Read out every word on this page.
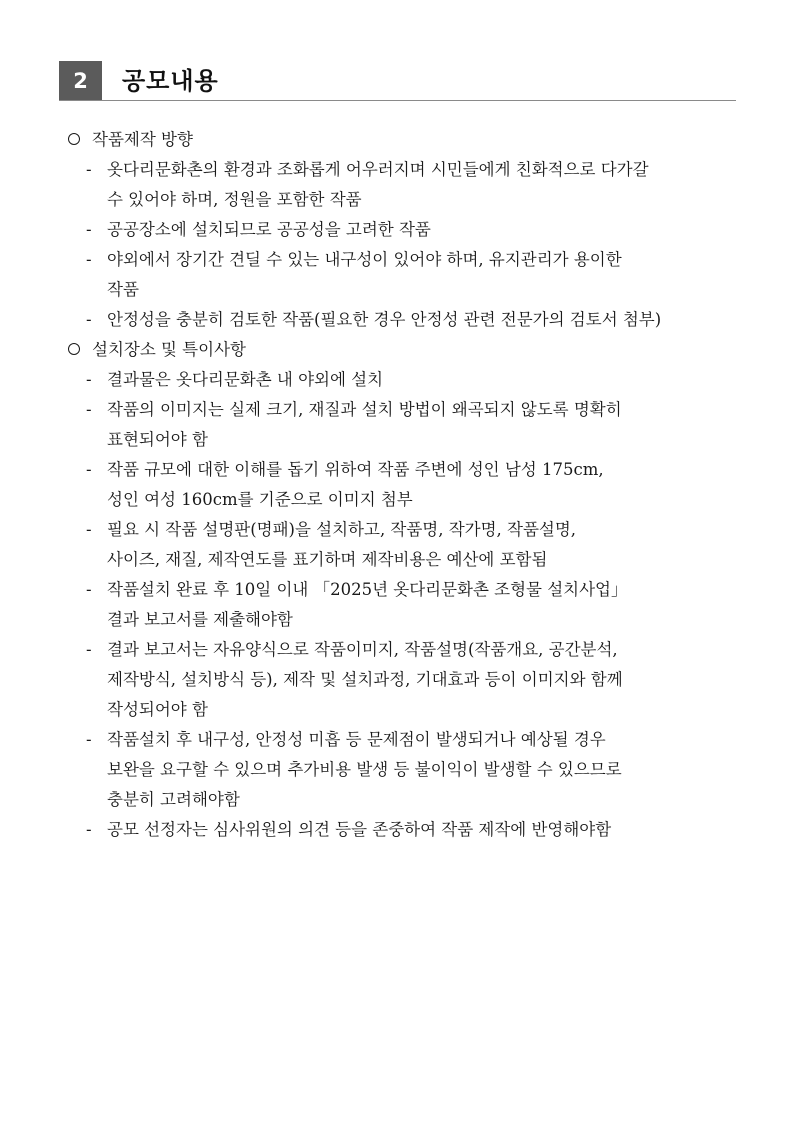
2	공모내용
작품제작 방향
- 옷다리문화촌의 환경과 조화롭게 어우러지며 시민들에게 친화적으로 다가갈
수 있어야 하며, 정원을 포함한 작품
- 공공장소에 설치되므로 공공성을 고려한 작품
- 야외에서 장기간 견딜 수 있는 내구성이 있어야 하며, 유지관리가 용이한
작품
- 안정성을 충분히 검토한 작품(필요한 경우 안정성 관련 전문가의 검토서 첨부)
설치장소 및 특이사항
- 결과물은 옷다리문화촌 내 야외에 설치
- 작품의 이미지는 실제 크기, 재질과 설치 방법이 왜곡되지 않도록 명확히
표현되어야 함
- 작품 규모에 대한 이해를 돕기 위하여 작품 주변에 성인 남성 175cm,
성인 여성 160cm를 기준으로 이미지 첨부
- 필요 시 작품 설명판(명패)을 설치하고, 작품명, 작가명, 작품설명,
사이즈, 재질, 제작연도를 표기하며 제작비용은 예산에 포함됨
- 작품설치 완료 후 10일 이내 「2025년 옷다리문화촌 조형물 설치사업」
결과 보고서를 제출해야함
- 결과 보고서는 자유양식으로 작품이미지, 작품설명(작품개요, 공간분석,
제작방식, 설치방식 등), 제작 및 설치과정, 기대효과 등이 이미지와 함께
작성되어야 함
- 작품설치 후 내구성, 안정성 미흡 등 문제점이 발생되거나 예상될 경우
보완을 요구할 수 있으며 추가비용 발생 등 불이익이 발생할 수 있으므로
충분히 고려해야함
- 공모 선정자는 심사위원의 의견 등을 존중하여 작품 제작에 반영해야함
